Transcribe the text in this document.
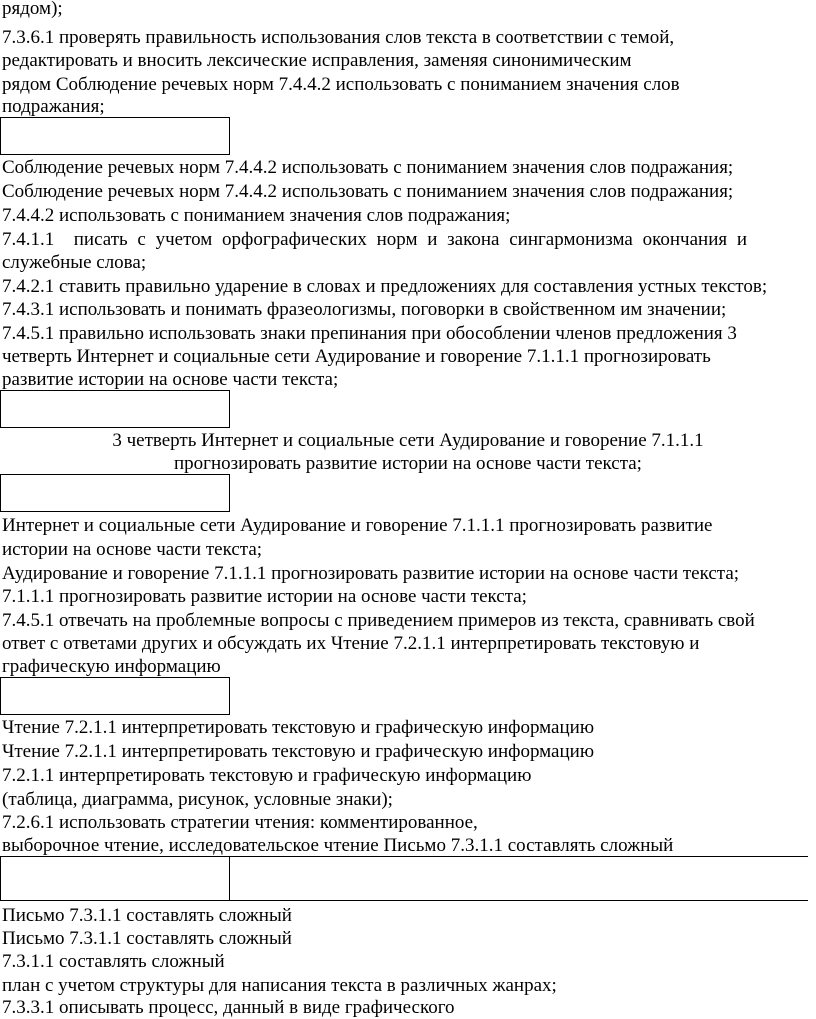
рядом);
7.3.6.1 проверять правильность использования слов текста в соответствии с темой,
редактировать и вносить лексические исправления, заменяя синонимическим
рядом Соблюдение речевых норм 7.4.4.2 использовать с пониманием значения слов
подражания;
Соблюдение речевых норм 7.4.4.2 использовать с пониманием значения слов подражания;
Соблюдение речевых норм 7.4.4.2 использовать с пониманием значения слов подражания;
7.4.4.2 использовать с пониманием значения слов подражания;
7.4.1.1  писать с учетом орфографических норм и закона сингармонизма окончания и
служебные слова;
7.4.2.1 ставить правильно ударение в словах и предложениях для составления устных текстов;
7.4.3.1 использовать и понимать фразеологизмы, поговорки в свойственном им значении;
7.4.5.1 правильно использовать знаки препинания при обособлении членов предложения 3
четверть Интернет и социальные сети Аудирование и говорение 7.1.1.1 прогнозировать
развитие истории на основе части текста;
3 четверть Интернет и социальные сети Аудирование и говорение 7.1.1.1
прогнозировать развитие истории на основе части текста;
Интернет и социальные сети Аудирование и говорение 7.1.1.1 прогнозировать развитие
истории на основе части текста;
Аудирование и говорение 7.1.1.1 прогнозировать развитие истории на основе части текста;
7.1.1.1 прогнозировать развитие истории на основе части текста;
7.4.5.1 отвечать на проблемные вопросы с приведением примеров из текста, сравнивать свой
ответ с ответами других и обсуждать их Чтение 7.2.1.1 интерпретировать текстовую и
графическую информацию
Чтение 7.2.1.1 интерпретировать текстовую и графическую информацию
Чтение 7.2.1.1 интерпретировать текстовую и графическую информацию
7.2.1.1 интерпретировать текстовую и графическую информацию
(таблица, диаграмма, рисунок, условные знаки);
7.2.6.1 использовать стратегии чтения: комментированное,
выборочное чтение, исследовательское чтение Письмо 7.3.1.1 составлять сложный
Письмо 7.3.1.1 составлять сложный
Письмо 7.3.1.1 составлять сложный
7.3.1.1 составлять сложный
план с учетом структуры для написания текста в различных жанрах;
7.3.3.1 описывать процесс, данный в виде графического
